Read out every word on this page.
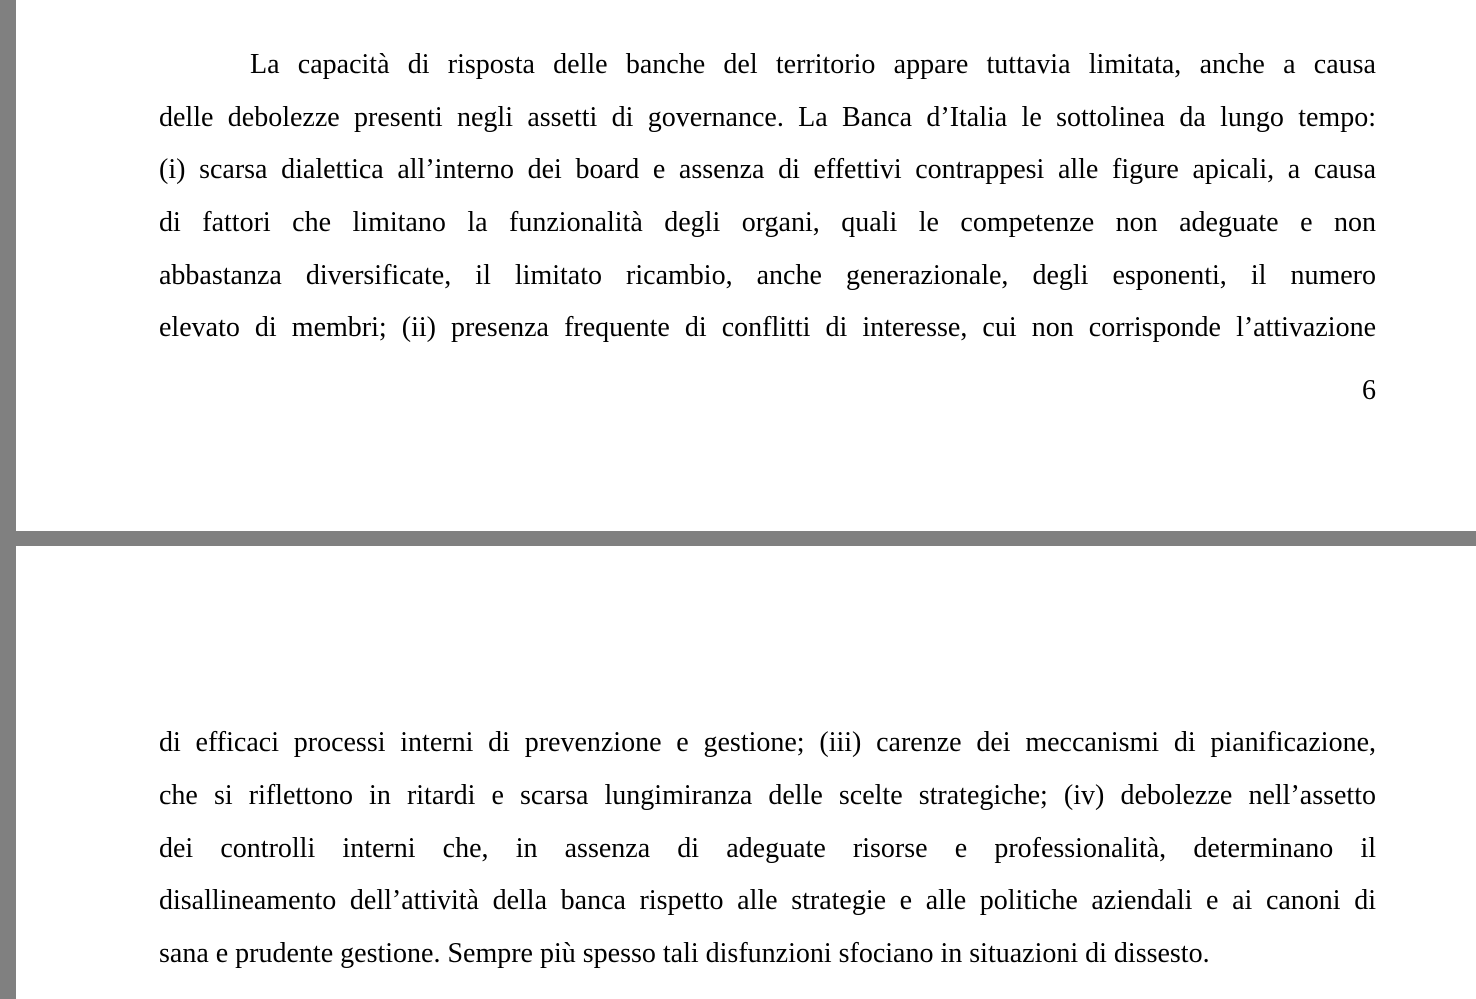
La capacità di risposta delle banche del territorio appare tuttavia limitata, anche a causa
delle debolezze presenti negli assetti di governance. La Banca d’Italia le sottolinea da lungo tempo:
(i) scarsa dialettica all’interno dei board e assenza di effettivi contrappesi alle figure apicali, a causa
di fattori che limitano la funzionalità degli organi, quali le competenze non adeguate e non
abbastanza diversificate, il limitato ricambio, anche generazionale, degli esponenti, il numero
elevato di membri; (ii) presenza frequente di conflitti di interesse, cui non corrisponde l’attivazione
6
di efficaci processi interni di prevenzione e gestione; (iii) carenze dei meccanismi di pianificazione,
che si riflettono in ritardi e scarsa lungimiranza delle scelte strategiche; (iv) debolezze nell’assetto
dei controlli interni che, in assenza di adeguate risorse e professionalità, determinano il
disallineamento dell’attività della banca rispetto alle strategie e alle politiche aziendali e ai canoni di
sana e prudente gestione. Sempre più spesso tali disfunzioni sfociano in situazioni di dissesto.
